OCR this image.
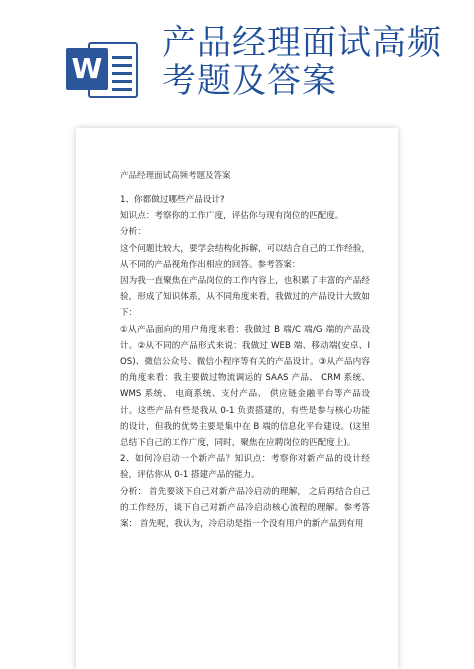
W
产品经理面试高频
考题及答案
产品经理面试高频考题及答案

1、你都做过哪些产品设计?

知识点：考察你的工作广度，评估你与现有岗位的匹配度。

分析：

这个问题比较大，要学会结构化拆解，可以结合自己的工作经验，从不同的产品视角作出相应的回答。参考答案：

因为我一直聚焦在产品岗位的工作内容上，也积累了丰富的产品经验，形成了知识体系，从不同角度来看，我做过的产品设计大致如下：

①从产品面向的用户角度来看：我做过 B 端/C 端/G 端的产品设计。②从不同的产品形式来说：我做过 WEB 端、移动端(安卓、IOS)、微信公众号、微信小程序等有关的产品设计。③从产品内容的角度来看：我主要做过物流调运的 SAAS 产品、 CRM 系统、WMS 系统、 电商系统、支付产品、 供应链金融平台等产品设计。这些产品有些是我从 0-1 负责搭建的，有些是参与核心功能的设计，但我的优势主要是集中在 B 端的信息化平台建设。(这里总结下自己的工作广度，同时，聚焦在应聘岗位的匹配度上)。

2、如何冷启动一个新产品？知识点：考察你对新产品的设计经验，评估你从 0-1 搭建产品的能力。

分析： 首先要谈下自己对新产品冷启动的理解， 之后再结合自己的工作经历，谈下自己对新产品冷启动核心流程的理解。参考答案： 首先呢，我认为，冷启动是指一个没有用户的新产品到有用
